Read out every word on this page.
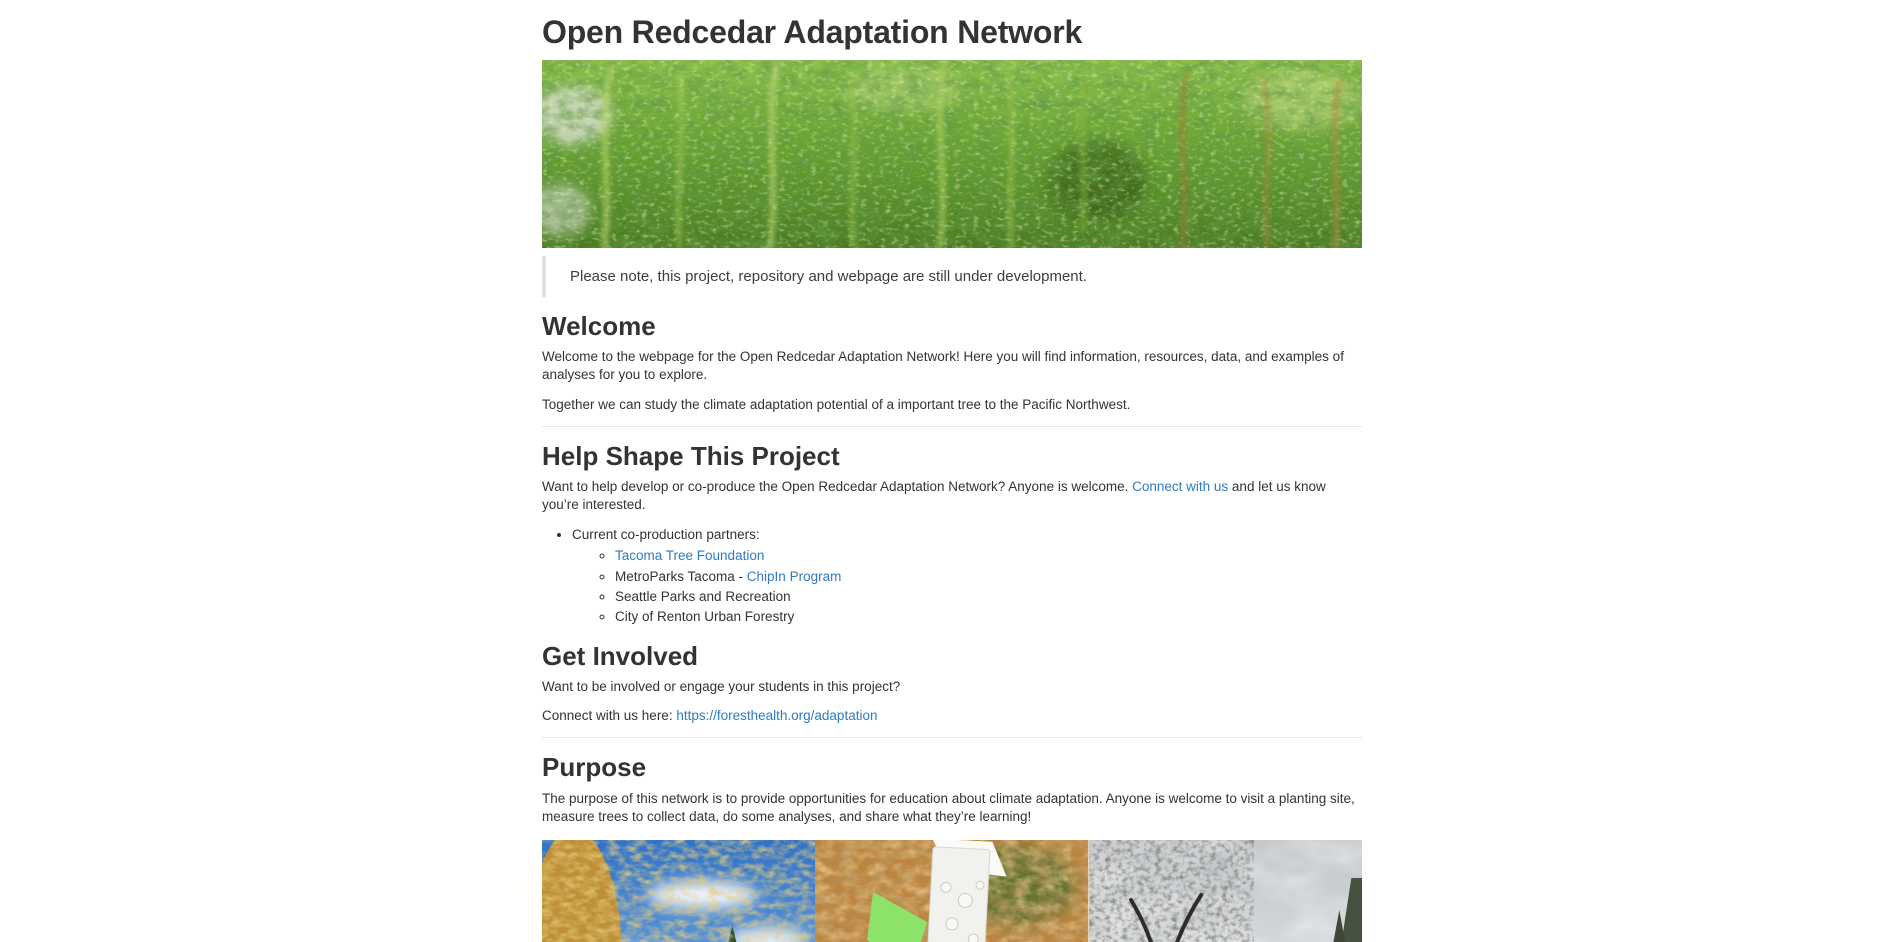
Open Redcedar Adaptation Network
Please note, this project, repository and webpage are still under development.
Welcome

Welcome to the webpage for the Open Redcedar Adaptation Network! Here you will find information, resources, data, and examples of analyses for you to explore.

Together we can study the climate adaptation potential of a important tree to the Pacific Northwest.

Help Shape This Project

Want to help develop or co-produce the Open Redcedar Adaptation Network? Anyone is welcome. Connect with us and let us know you’re interested.

• Current co-production partners:
◦ Tacoma Tree Foundation
◦ MetroParks Tacoma - ChipIn Program
◦ Seattle Parks and Recreation
◦ City of Renton Urban Forestry
Get Involved

Want to be involved or engage your students in this project?

Connect with us here: https://foresthealth.org/adaptation

Purpose

The purpose of this network is to provide opportunities for education about climate adaptation. Anyone is welcome to visit a planting site, measure trees to collect data, do some analyses, and share what they’re learning!
